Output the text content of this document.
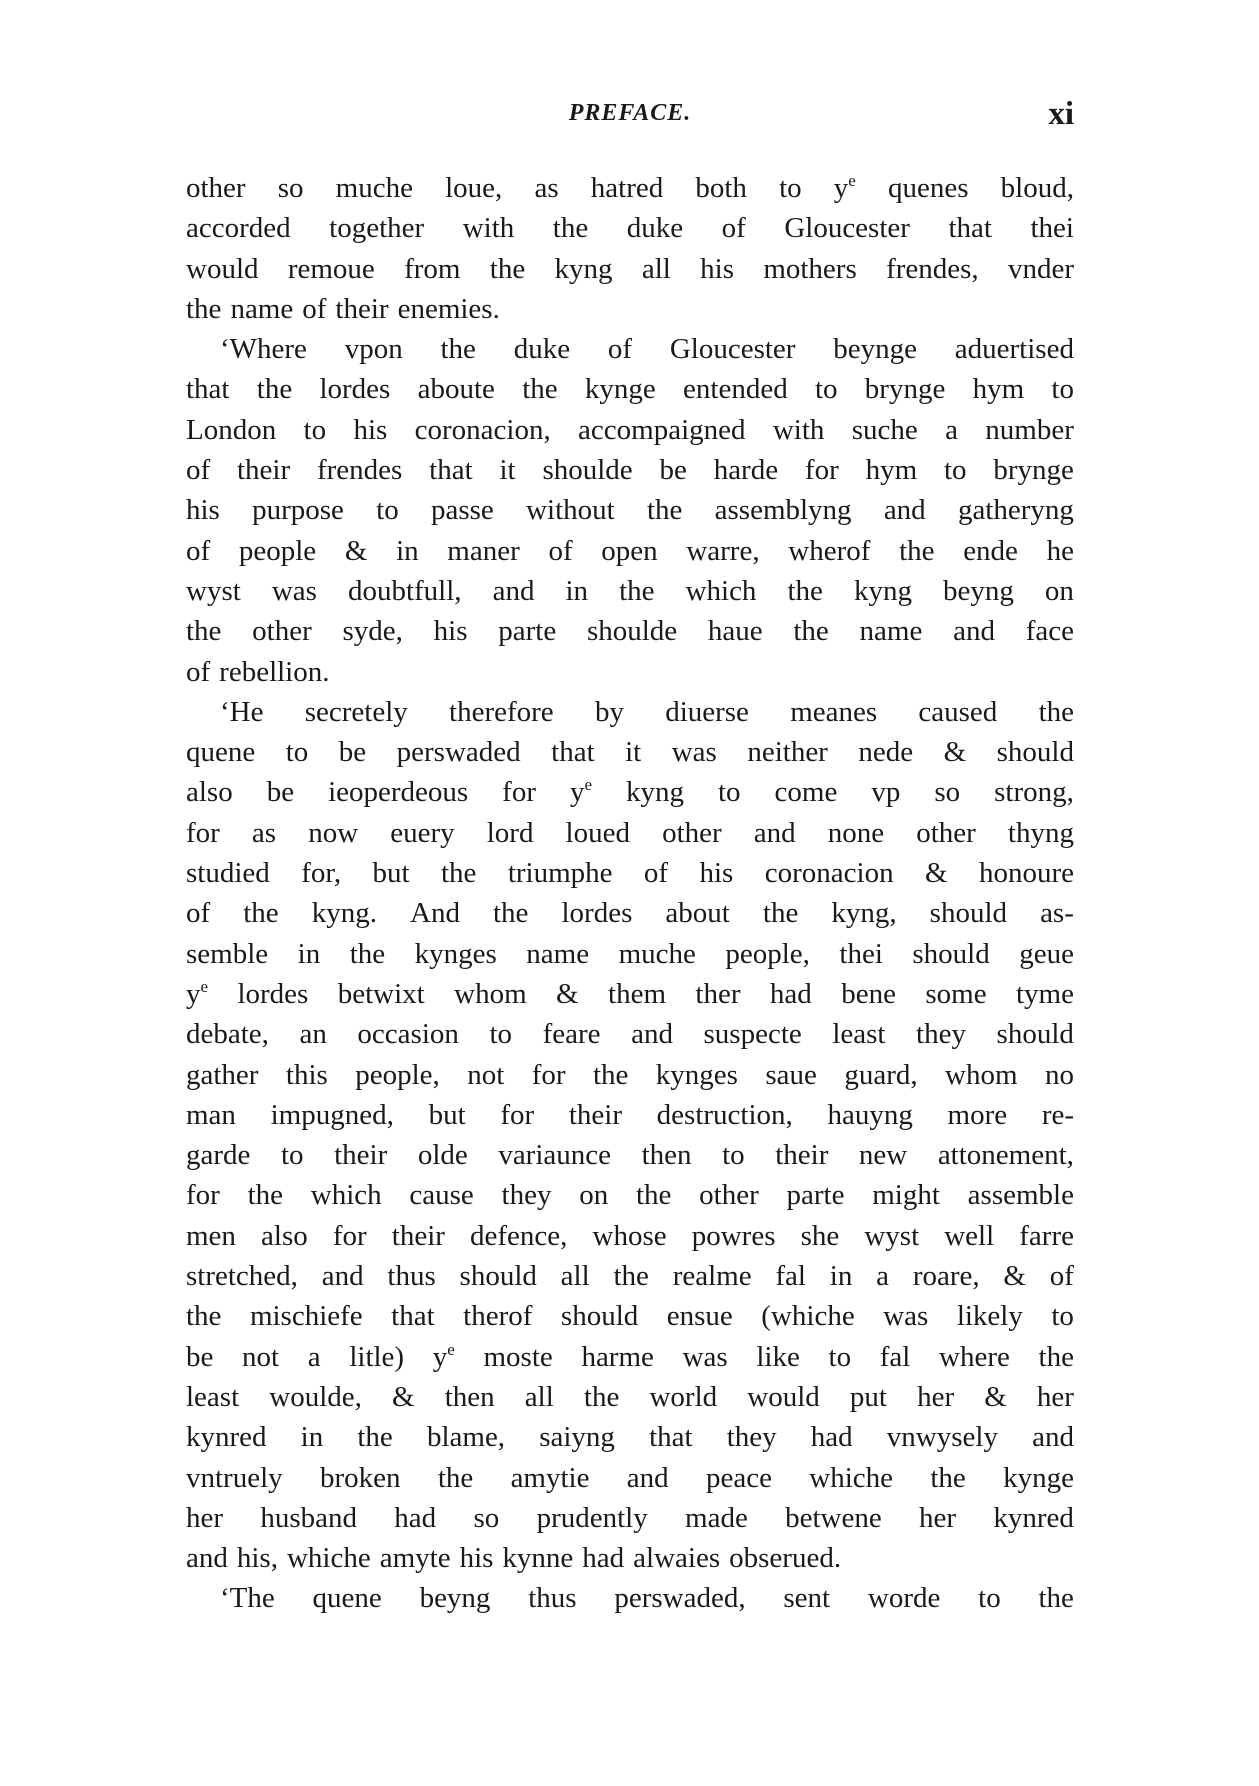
PREFACE.	xi
other so muche loue, as hatred both to $y^e$ quenes bloud,
accorded together with the duke of Gloucester that thei
would remoue from the kyng all his mothers frendes, vnder
the name of their enemies.
‘Where vpon the duke of Gloucester beynge aduertised
that the lordes aboute the kynge entended to brynge hym to
London to his coronacion, accompaigned with suche a number
of their frendes that it shoulde be harde for hym to brynge
his purpose to passe without the assemblyng and gatheryng
of people & in maner of open warre, wherof the ende he
wyst was doubtfull, and in the which the kyng beyng on
the other syde, his parte shoulde haue the name and face
of rebellion.
‘He secretely therefore by diuerse meanes caused the
quene to be perswaded that it was neither nede & should
also be ieoperdeous for $y^e$ kyng to come vp so strong,
for as now euery lord loued other and none other thyng
studied for, but the triumphe of his coronacion & honoure
of the kyng. And the lordes about the kyng, should as-
semble in the kynges name muche people, thei should geue
$y^e$ lordes betwixt whom & them ther had bene some tyme
debate, an occasion to feare and suspecte least they should
gather this people, not for the kynges saue guard, whom no
man impugned, but for their destruction, hauyng more re-
garde to their olde variaunce then to their new attonement,
for the which cause they on the other parte might assemble
men also for their defence, whose powres she wyst well farre
stretched, and thus should all the realme fal in a roare, & of
the mischiefe that therof should ensue (whiche was likely to
be not a litle) $y^e$ moste harme was like to fal where the
least woulde, & then all the world would put her & her
kynred in the blame, saiyng that they had vnwysely and
vntruely broken the amytie and peace whiche the kynge
her husband had so prudently made betwene her kynred
and his, whiche amyte his kynne had alwaies obserued.
‘The quene beyng thus perswaded, sent worde to the
